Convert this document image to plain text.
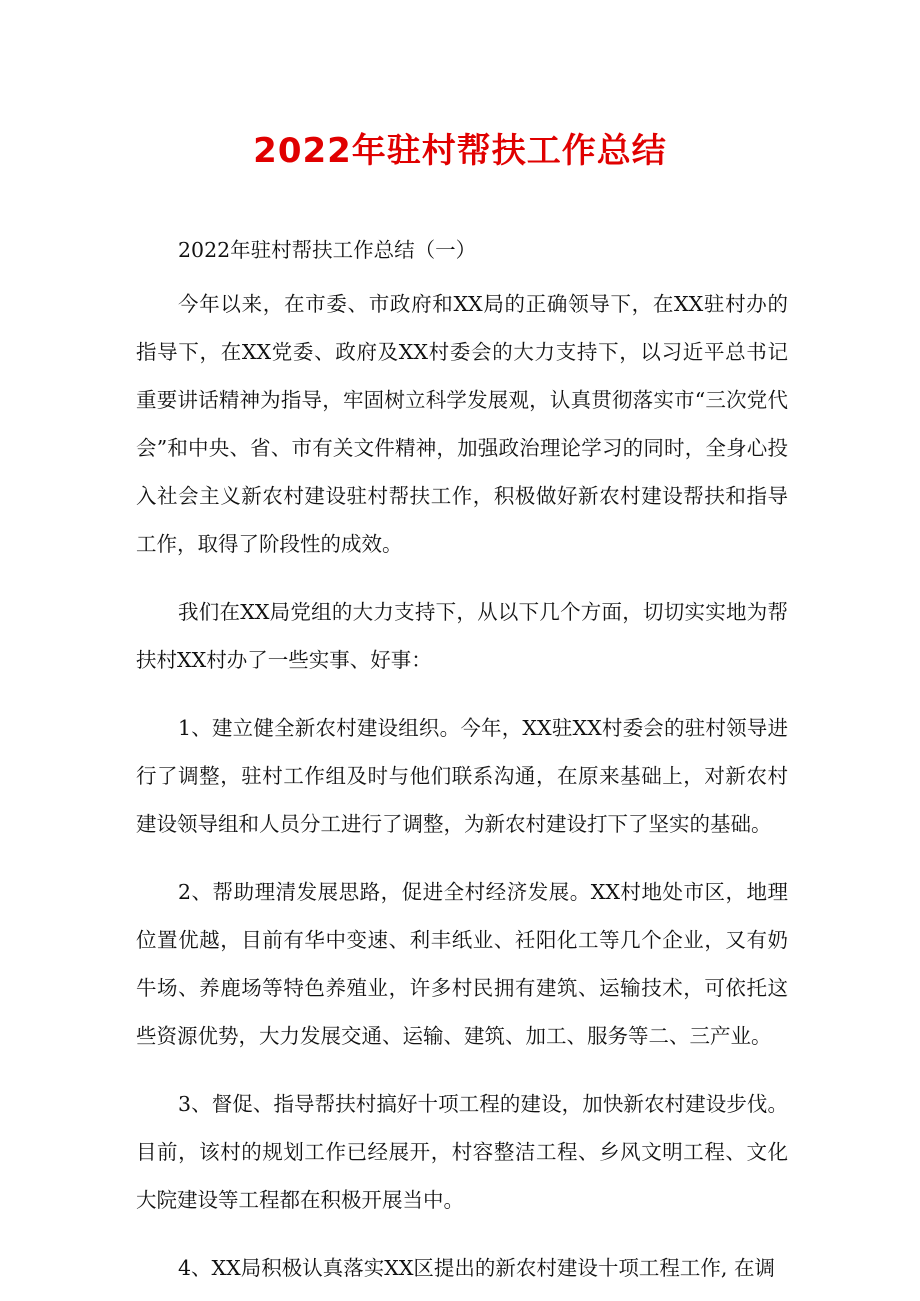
2022年驻村帮扶工作总结

2022年驻村帮扶工作总结（一）

今年以来，在市委、市政府和XX局的正确领导下，在XX驻村办的指导下，在XX党委、政府及XX村委会的大力支持下，以习近平总书记重要讲话精神为指导，牢固树立科学发展观，认真贯彻落实市“三次党代会”和中央、省、市有关文件精神，加强政治理论学习的同时，全身心投入社会主义新农村建设驻村帮扶工作，积极做好新农村建设帮扶和指导工作，取得了阶段性的成效。

我们在XX局党组的大力支持下，从以下几个方面，切切实实地为帮扶村XX村办了一些实事、好事：

1、建立健全新农村建设组织。今年，XX驻XX村委会的驻村领导进行了调整，驻村工作组及时与他们联系沟通，在原来基础上，对新农村建设领导组和人员分工进行了调整，为新农村建设打下了坚实的基础。

2、帮助理清发展思路，促进全村经济发展。XX村地处市区，地理位置优越，目前有华中变速、利丰纸业、祍阳化工等几个企业，又有奶牛场、养鹿场等特色养殖业，许多村民拥有建筑、运输技术，可依托这些资源优势，大力发展交通、运输、建筑、加工、服务等二、三产业。

3、督促、指导帮扶村搞好十项工程的建设，加快新农村建设步伐。目前，该村的规划工作已经展开，村容整洁工程、乡风文明工程、文化大院建设等工程都在积极开展当中。

4、XX局积极认真落实XX区提出的新农村建设十项工程工作, 在调
